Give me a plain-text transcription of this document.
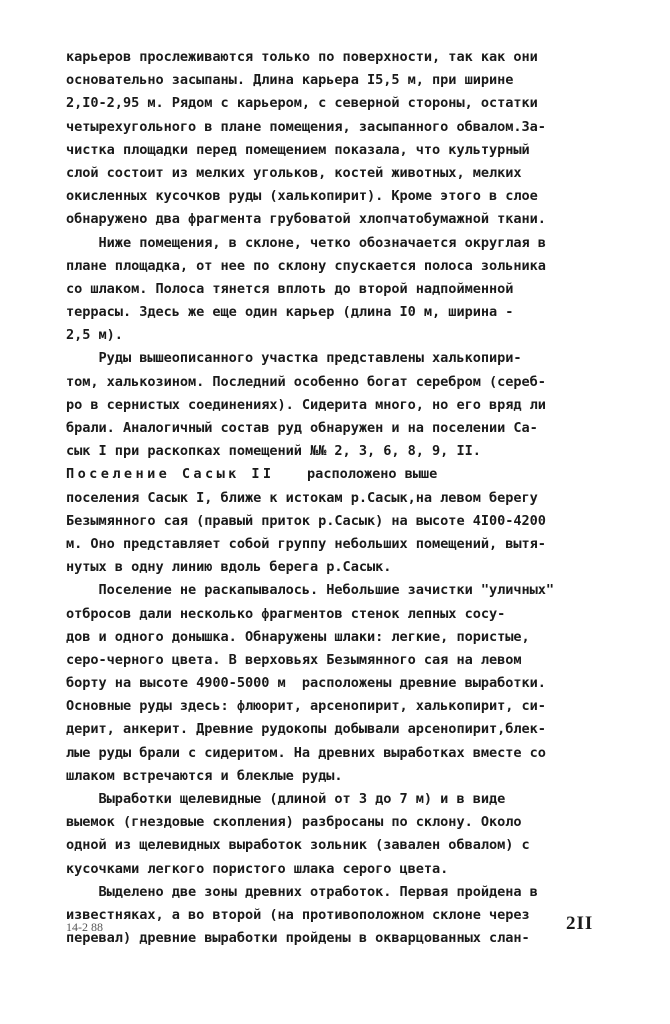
карьеров прослеживаются только по поверхности, так как они
основательно засыпаны. Длина карьера I5,5 м, при ширине
2,I0-2,95 м. Рядом с карьером, с северной стороны, остатки
четырехугольного в плане помещения, засыпанного обвалом.За-
чистка площадки перед помещением показала, что культурный
слой состоит из мелких угольков, костей животных, мелких
окисленных кусочков руды (халькопирит). Кроме этого в слое
обнаружено два фрагмента грубоватой хлопчатобумажной ткани.
Ниже помещения, в склоне, четко обозначается округлая в
плане площадка, от нее по склону спускается полоса зольника
со шлаком. Полоса тянется вплоть до второй надпойменной
террасы. Здесь же еще один карьер (длина I0 м, ширина -
2,5 м).
Руды вышеописанного участка представлены халькопири-
том, халькозином. Последний особенно богат серебром (сереб-
ро в сернистых соединениях). Сидерита много, но его вряд ли
брали. Аналогичный состав руд обнаружен и на поселении Са-
сык I при раскопках помещений №№ 2, 3, 6, 8, 9, II.
Поселение Сасык II    расположено выше
поселения Сасык I, ближе к истокам р.Сасык,на левом берегу
Безымянного сая (правый приток р.Сасык) на высоте 4I00-4200
м. Оно представляет собой группу небольших помещений, вытя-
нутых в одну линию вдоль берега р.Сасык.
Поселение не раскапывалось. Небольшие зачистки "уличных"
отбросов дали несколько фрагментов стенок лепных сосу-
дов и одного донышка. Обнаружены шлаки: легкие, пористые,
серо-черного цвета. В верховьях Безымянного сая на левом
борту на высоте 4900-5000 м  расположены древние выработки.
Основные руды здесь: флюорит, арсенопирит, халькопирит, си-
дерит, анкерит. Древние рудокопы добывали арсенопирит,блек-
лые руды брали с сидеритом. На древних выработках вместе со
шлаком встречаются и блеклые руды.
Выработки щелевидные (длиной от 3 до 7 м) и в виде
выемок (гнездовые скопления) разбросаны по склону. Около
одной из щелевидных выработок зольник (завален обвалом) с
кусочками легкого пористого шлака серого цвета.
Выделено две зоны древних отработок. Первая пройдена в
известняках, а во второй (на противоположном склоне через
перевал) древние выработки пройдены в окварцованных слан-
14-2 88	2II
